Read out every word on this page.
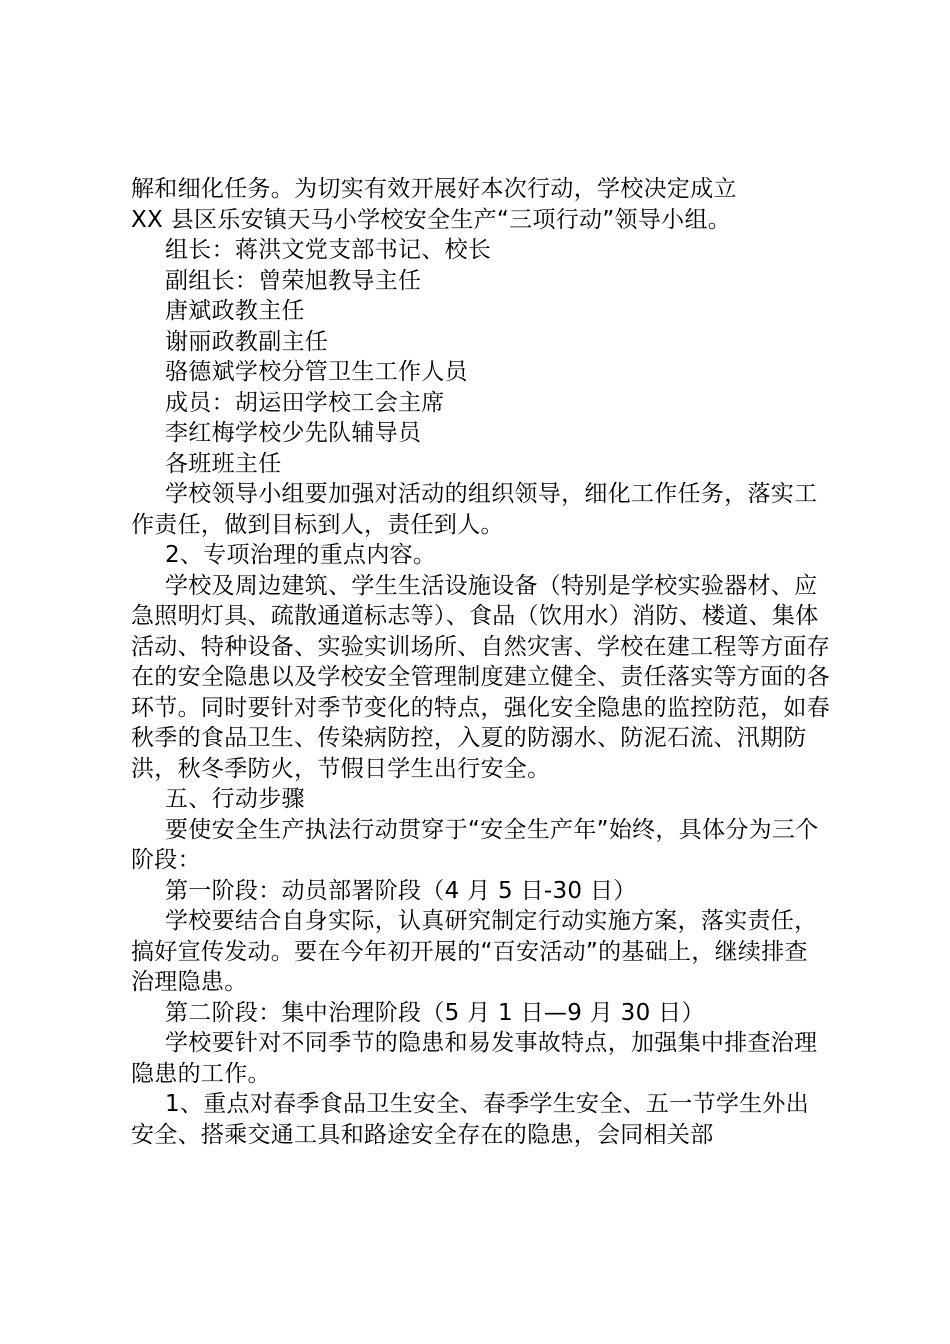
解和细化任务。为切实有效开展好本次行动，学校决定成立

XX 县区乐安镇天马小学校安全生产“三项行动”领导小组。

组长：蒋洪文党支部书记、校长

副组长：曾荣旭教导主任

唐斌政教主任

谢丽政教副主任

骆德斌学校分管卫生工作人员

成员：胡运田学校工会主席

李红梅学校少先队辅导员

各班班主任

学校领导小组要加强对活动的组织领导，细化工作任务，落实工作责任，做到目标到人，责任到人。

2、专项治理的重点内容。

学校及周边建筑、学生生活设施设备（特别是学校实验器材、应急照明灯具、疏散通道标志等）、食品（饮用水）消防、楼道、集体活动、特种设备、实验实训场所、自然灾害、学校在建工程等方面存在的安全隐患以及学校安全管理制度建立健全、责任落实等方面的各环节。同时要针对季节变化的特点，强化安全隐患的监控防范，如春秋季的食品卫生、传染病防控，入夏的防溺水、防泥石流、汛期防洪，秋冬季防火，节假日学生出行安全。

五、行动步骤

要使安全生产执法行动贯穿于“安全生产年”始终，具体分为三个阶段：

第一阶段：动员部署阶段（4 月 5 日-30 日）

学校要结合自身实际，认真研究制定行动实施方案，落实责任，搞好宣传发动。要在今年初开展的“百安活动”的基础上，继续排查治理隐患。

第二阶段：集中治理阶段（5 月 1 日—9 月 30 日）

学校要针对不同季节的隐患和易发事故特点，加强集中排查治理隐患的工作。

1、重点对春季食品卫生安全、春季学生安全、五一节学生外出安全、搭乘交通工具和路途安全存在的隐患，会同相关部
